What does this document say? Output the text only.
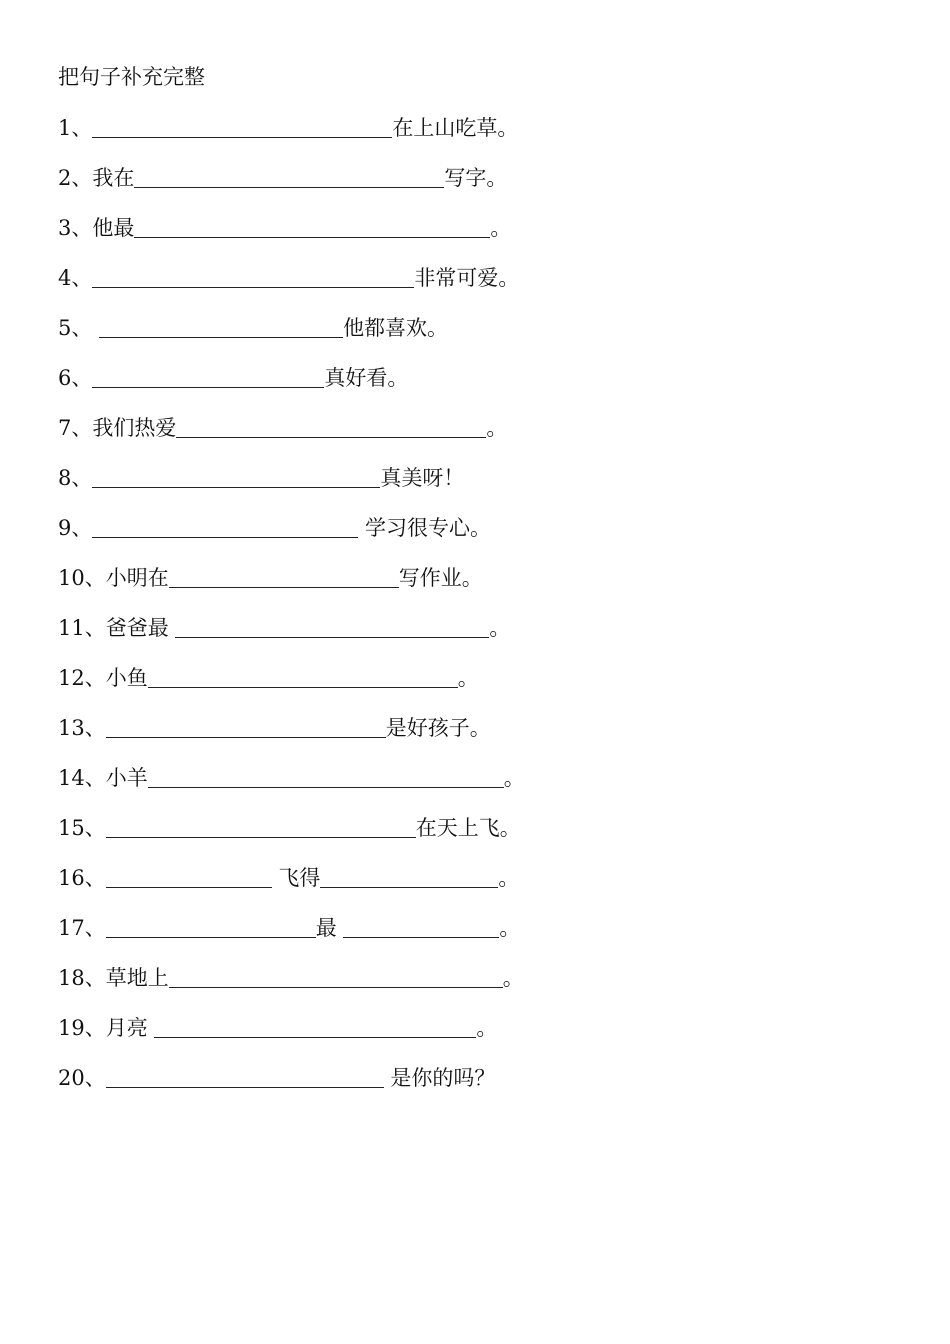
把句子补充完整
1、	在上山吃草。
2、 我在	写字。
3、 他最	。
4、	非常可爱。
5、
	他都喜欢。
6、	真好看。
7、 我们热爱	。
8、	真美呀！
9、	学习很专心。
10、 小明在	写作业。
11、 爸爸最	。
12、 小鱼	。
13、	是好孩子。
14、 小羊	。
15、	在天上飞。
16、	飞得	。
17、	最	。
18、 草地上	。
19、 月亮	。
20、	是你的吗？
